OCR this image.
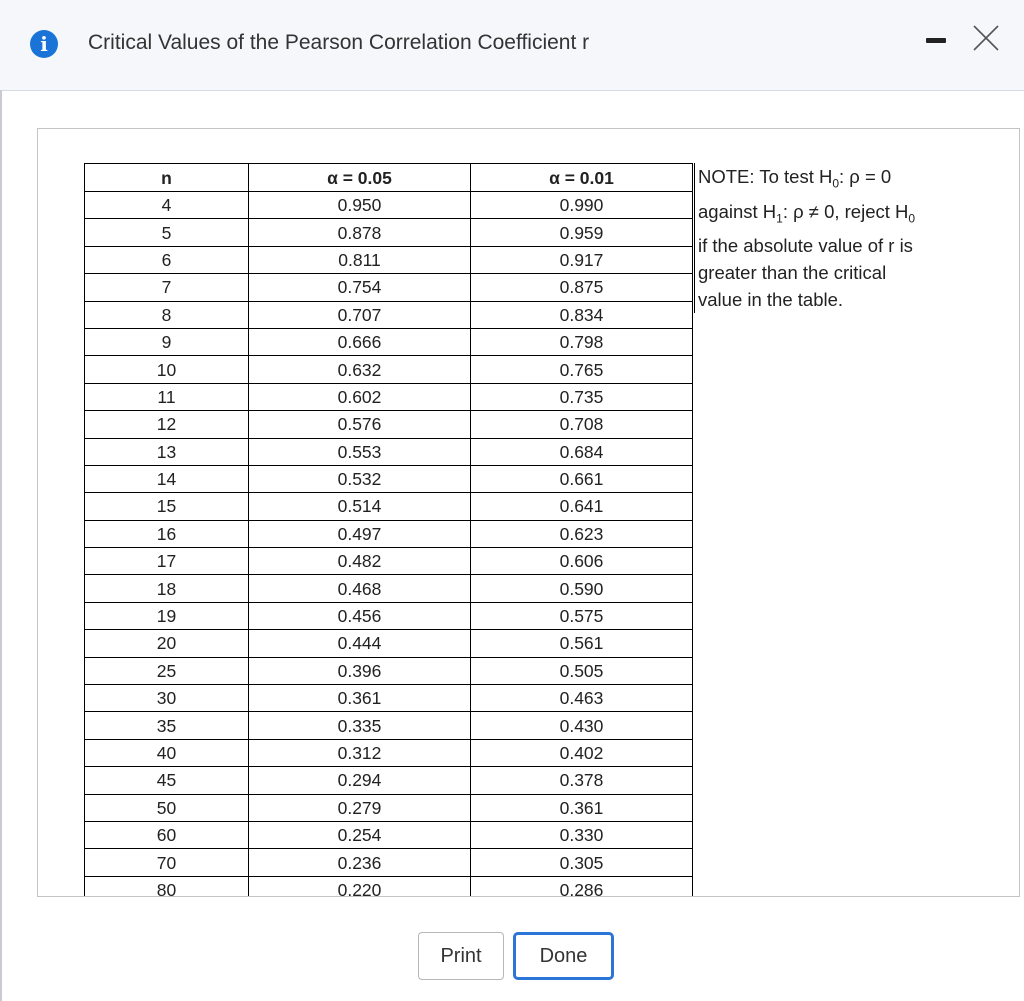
i	Critical Values of the Pearson Correlation Coefficient r
n	α = 0.05	α = 0.01
4	0.950	0.990
5	0.878	0.959
6	0.811	0.917
7	0.754	0.875
8	0.707	0.834
9	0.666	0.798
10	0.632	0.765
11	0.602	0.735
12	0.576	0.708
13	0.553	0.684
14	0.532	0.661
15	0.514	0.641
16	0.497	0.623
17	0.482	0.606
18	0.468	0.590
19	0.456	0.575
20	0.444	0.561
25	0.396	0.505
30	0.361	0.463
35	0.335	0.430
40	0.312	0.402
45	0.294	0.378
50	0.279	0.361
60	0.254	0.330
70	0.236	0.305
80	0.220	0.286
NOTE: To test $H_0$: ρ = 0
against $H_1$: ρ ≠ 0, reject $H_0$
if the absolute value of r is
greater than the critical
value in the table.
Print	Done
